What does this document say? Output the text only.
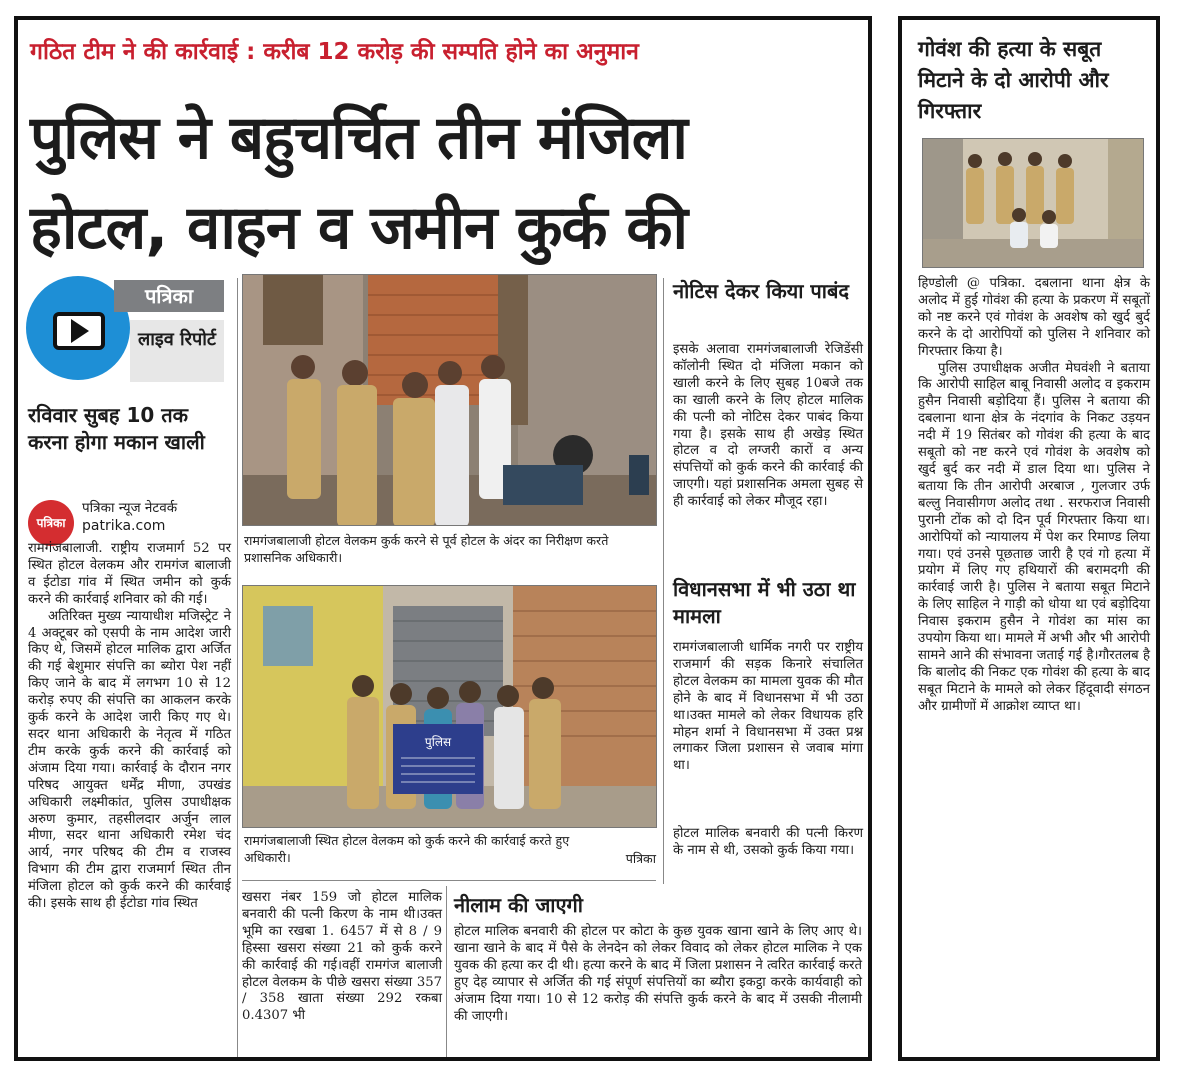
गठित टीम ने की कार्रवाई : करीब 12 करोड़ की सम्पति होने का अनुमान
पुलिस ने बहुचर्चित तीन मंजिला
होटल, वाहन व जमीन कुर्क की
पत्रिका
लाइव रिपोर्ट
रविवार सुबह 10 तक करना होगा मकान खाली
पत्रिका
पत्रिका न्यूज नेटवर्क
patrika.com

रामगंजबालाजी. राष्ट्रीय राजमार्ग 52 पर स्थित होटल वेलकम और रामगंज बालाजी व ईटोडा गांव में स्थित जमीन को कुर्क करने की कार्रवाई शनिवार को की गई।

अतिरिक्त मुख्य न्यायाधीश मजिस्ट्रेट ने 4 अक्टूबर को एसपी के नाम आदेश जारी किए थे, जिसमें होटल मालिक द्वारा अर्जित की गई बेशुमार संपत्ति का ब्योरा पेश नहीं किए जाने के बाद में लगभग 10 से 12 करोड़ रुपए की संपत्ति का आकलन करके कुर्क करने के आदेश जारी किए गए थे। सदर थाना अधिकारी के नेतृत्व में गठित टीम करके कुर्क करने की कार्रवाई को अंजाम दिया गया। कार्रवाई के दौरान नगर परिषद आयुक्त धर्मेंद्र मीणा, उपखंड अधिकारी लक्ष्मीकांत, पुलिस उपाधीक्षक अरुण कुमार, तहसीलदार अर्जुन लाल मीणा, सदर थाना अधिकारी रमेश चंद आर्य, नगर परिषद की टीम व राजस्व विभाग की टीम द्वारा राजमार्ग स्थित तीन मंजिला होटल को कुर्क करने की कार्रवाई की। इसके साथ ही ईटोडा गांव स्थित

रामगंजबालाजी होटल वेलकम कुर्क करने से पूर्व होटल के अंदर का निरीक्षण करते प्रशासनिक अधिकारी।
पुलिस
रामगंजबालाजी स्थित होटल वेलकम को कुर्क करने की कार्रवाई करते हुए अधिकारी।	पत्रिका

खसरा नंबर 159 जो होटल मालिक बनवारी की पत्नी किरण के नाम थी।उक्त भूमि का रखबा 1. 6457 में से 8 / 9 हिस्सा खसरा संख्या 21 को कुर्क करने की कार्रवाई की गई।वहीं रामगंज बालाजी होटल वेलकम के पीछे खसरा संख्या 357 / 358 खाता संख्या 292 रकबा 0.4307 भी

नीलाम की जाएगी

होटल मालिक बनवारी की होटल पर कोटा के कुछ युवक खाना खाने के लिए आए थे। खाना खाने के बाद में पैसे के लेनदेन को लेकर विवाद को लेकर होटल मालिक ने एक युवक की हत्या कर दी थी। हत्या करने के बाद में जिला प्रशासन ने त्वरित कार्रवाई करते हुए देह व्यापार से अर्जित की गई संपूर्ण संपत्तियों का ब्यौरा इकट्ठा करके कार्यवाही को अंजाम दिया गया। 10 से 12 करोड़ की संपत्ति कुर्क करने के बाद में उसकी नीलामी की जाएगी।

नोटिस देकर किया पाबंद

इसके अलावा रामगंजबालाजी रेजिडेंसी कॉलोनी स्थित दो मंजिला मकान को खाली करने के लिए सुबह 10बजे तक का खाली करने के लिए होटल मालिक की पत्नी को नोटिस देकर पाबंद किया गया है। इसके साथ ही अखेड़ स्थित होटल व दो लग्जरी कारों व अन्य संपत्तियों को कुर्क करने की कार्रवाई की जाएगी। यहां प्रशासनिक अमला सुबह से ही कार्रवाई को लेकर मौजूद रहा।

विधानसभा में भी उठा था मामला

रामगंजबालाजी धार्मिक नगरी पर राष्ट्रीय राजमार्ग की सड़क किनारे संचालित होटल वेलकम का मामला युवक की मौत होने के बाद में विधानसभा में भी उठा था।उक्त मामले को लेकर विधायक हरि मोहन शर्मा ने विधानसभा में उक्त प्रश्न लगाकर जिला प्रशासन से जवाब मांगा था।

होटल मालिक बनवारी की पत्नी किरण के नाम से थी, उसको कुर्क किया गया।

गोवंश की हत्या के सबूत मिटाने के दो आरोपी और गिरफ्तार

हिण्डोली @ पत्रिका. दबलाना थाना क्षेत्र के अलोद में हुई गोवंश की हत्या के प्रकरण में सबूतों को नष्ट करने एवं गोवंश के अवशेष को खुर्द बुर्द करने के दो आरोपियों को पुलिस ने शनिवार को गिरफ्तार किया है।

पुलिस उपाधीक्षक अजीत मेघवंशी ने बताया कि आरोपी साहिल बाबू निवासी अलोद व इकराम हुसैन निवासी बड़ोदिया हैं। पुलिस ने बताया की दबलाना थाना क्षेत्र के नंदगांव के निकट उड़यन नदी में 19 सितंबर को गोवंश की हत्या के बाद सबूतो को नष्ट करने एवं गोवंश के अवशेष को खुर्द बुर्द कर नदी में डाल दिया था। पुलिस ने बताया कि तीन आरोपी अरबाज , गुलजार उर्फ बल्लु निवासीगण अलोद तथा . सरफराज निवासी पुरानी टोंक को दो दिन पूर्व गिरफ्तार किया था। आरोपियों को न्यायालय में पेश कर रिमाण्ड लिया गया। एवं उनसे पूछताछ जारी है एवं गो हत्या में प्रयोग में लिए गए हथियारों की बरामदगी की कार्रवाई जारी है। पुलिस ने बताया सबूत मिटाने के लिए साहिल ने गाड़ी को धोया था एवं बड़ोदिया निवास इकराम हुसैन ने गोवंश का मांस का उपयोग किया था। मामले में अभी और भी आरोपी सामने आने की संभावना जताई गई है।गौरतलब है कि बालोद की निकट एक गोवंश की हत्या के बाद सबूत मिटाने के मामले को लेकर हिंदूवादी संगठन और ग्रामीणों में आक्रोश व्याप्त था।
